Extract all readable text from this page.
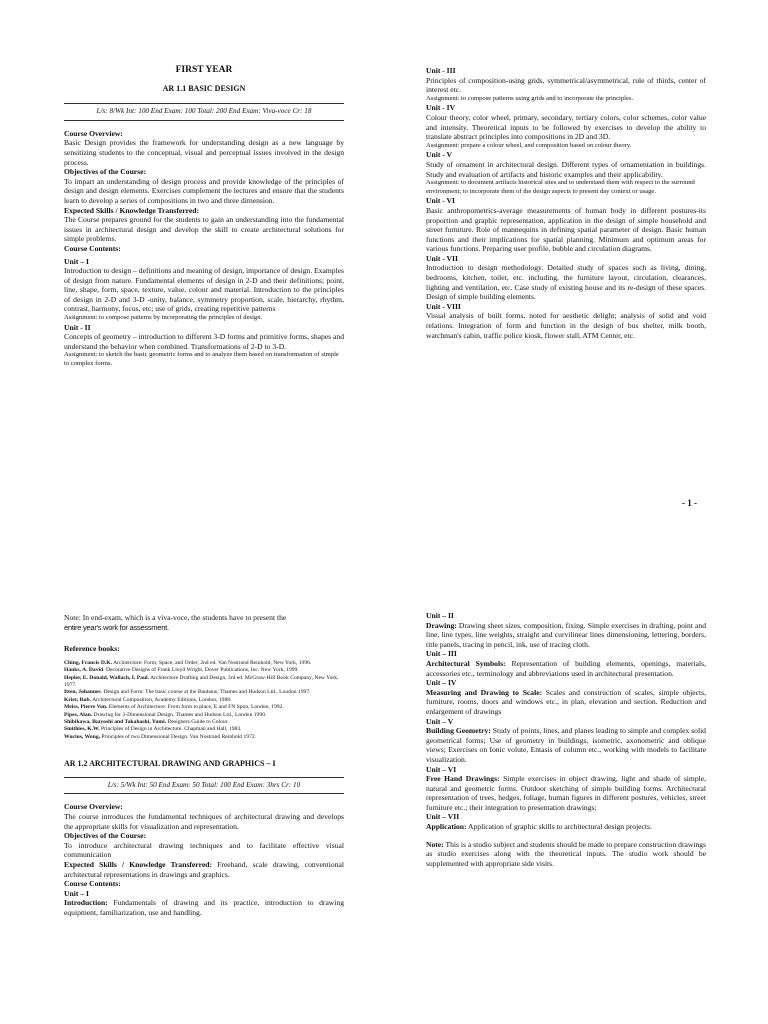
FIRST YEAR
AR 1.1 BASIC DESIGN
L/s: 8/Wk Int: 100 End Exam: 100 Total: 200 End Exam: Viva-voce Cr: 18

Course Overview:

Basic Design provides the framework for understanding design as a new language by sensitizing students to the conceptual, visual and perceptual issues involved in the design process.

Objectives of the Course:

To impart an understanding of design process and provide knowledge of the principles of design and design elements. Exercises complement the lectures and ensure that the students learn to develop a series of compositions in two and three dimension.

Expected Skills / Knowledge Transferred:

The Course prepares ground for the students to gain an understanding into the fundamental issues in architectural design and develop the skill to create architectural solutions for simple problems.

Course Contents:

Unit – I

Introduction to design – definitions and meaning of design, importance of design. Examples of design from nature. Fundamental elements of design in 2-D and their definitions; point, line, shape, form, space, texture, value, colour and material. Introduction to the principles of design in 2-D and 3-D -unity, balance, symmetry proportion, scale, hierarchy, rhythm, contrast, harmony, focus, etc; use of grids, creating repetitive patterns

Assignment: to compose patterns by incorporating the principles of design.

Unit - II

Concepts of geometry – introduction to different 3-D forms and primitive forms, shapes and understand the behavior when combined. Transformations of 2-D to 3-D.

Assignment: to sketch the basic geometric forms and to analyze them based on transformation of simple to complex forms.

Unit - III

Principles of composition-using grids, symmetrical/asymmetrical, rule of thirds, center of interest etc.

Assignment: to compose patterns using grids and to incorporate the principles.

Unit - IV

Colour theory, color wheel, primary, secondary, tertiary colors, color schemes, color value and intensity. Theoretical inputs to be followed by exercises to develop the ability to translate abstract principles into compositions in 2D and 3D.

Assignment: prepare a colour wheel, and composition based on colour theory.

Unit - V

Study of ornament in architectural design. Different types of ornamentation in buildings. Study and evaluation of artifacts and historic examples and their applicability.

Assignment: to document artifacts historical sites and to understand them with respect to the surround environment; to incorporate them of the design aspects to present day context or usage.

Unit - VI

Basic anthropometrics-average measurements of human body in different postures-its proportion and graphic representation, application in the design of simple household and street furniture. Role of mannequins in defining spatial parameter of design. Basic human functions and their implications for spatial planning. Minimum and optimum areas for various functions. Preparing user profile, bubble and circulation diagrams.

Unit - VII

Introduction to design methodology. Detailed study of spaces such as living, dining, bedrooms, kitchen, toilet, etc. including, the furniture layout, circulation, clearances, lighting and ventilation, etc. Case study of existing house and its re-design of these spaces. Design of simple building elements.

Unit - VIII

Visual analysis of built forms, noted for aesthetic delight; analysis of solid and void relations. Integration of form and function in the design of bus shelter, milk booth, watchman's cabin, traffic police kiosk, flower stall, ATM Center, etc.

- 1 -

Note: In end-exam, which is a viva-voce, the students have to present the

entire year's work for assessment.

Reference books:

Ching, Francis D.K. Architecture: Form, Space, and Order, 2nd ed. Van Nostrand Reinhold, New York, 1996.

Hanks, A. David. Decorative Designs of Frank Lloyd Wright, Dover Publications, Inc. New York, 1999.

Hepler, E. Donald, Wallach, I. Paul. Architecture Drafting and Design, 3rd ed. McGraw-Hill Book Company, New York, 1977.

Itten, Johannes. Design and Form: The basic course at the Bauhaus, Thames and Hudson Ltd., London 1997.

Krier, Rob. Architectural Composition, Academy Editions, London, 1988.

Meiss, Pierre Von. Elements of Architecture: From form to place, E and FN Spon, London, 1992.

Pipes, Alan. Drawing for 3-Dimensional Design. Thames and Hudson Ltd., London 1990.

Shibikawa, Ikuyoshi and Takahashi, Yumi. Designers Guide to Colour.

Smithies, K.W. Principles of Design in Architecture. Chapman and Hall, 1983.

Wucius, Wong, Principles of two Dimensional Design. Van Nostrand Reinhold 1972.

AR 1.2 ARCHITECTURAL DRAWING AND GRAPHICS – I
L/s: 5/Wk Int: 50 End Exam: 50 Total: 100 End Exam: 3hrs Cr: 10

Course Overview:

The course introduces the fundamental techniques of architectural drawing and develops the appropriate skills for visualization and representation.

Objectives of the Course:

To introduce architectural drawing techniques and to facilitate effective visual communication

Expected Skills / Knowledge Transferred: Freehand, scale drawing, conventional architectural representations in drawings and graphics.

Course Contents:

Unit – I

Introduction: Fundamentals of drawing and its practice, introduction to drawing equipment, familiarization, use and handling.

Unit – II

Drawing: Drawing sheet sizes, composition, fixing. Simple exercises in drafting, point and line, line types, line weights, straight and curvilinear lines dimensioning, lettering, borders, title panels, tracing in pencil, ink, use of tracing cloth.

Unit – III

Architectural Symbols: Representation of building elements, openings, materials, accessories etc., terminology and abbreviations used in architectural presentation.

Unit – IV

Measuring and Drawing to Scale: Scales and construction of scales, simple objects, furniture, rooms, doors and windows etc., in plan, elevation and section. Reduction and enlargement of drawings

Unit – V

Building Geometry: Study of points, lines, and planes leading to simple and complex solid geometrical forms; Use of geometry in buildings, isometric, axonometric and oblique views; Exercises on Ionic volute, Entasis of column etc., working with models to facilitate visualization.

Unit – VI

Free Hand Drawings: Simple exercises in object drawing, light and shade of simple, natural and geometric forms. Outdoor sketching of simple building forms. Architectural representation of trees, hedges, foliage, human figures in different postures, vehicles, street furniture etc.; their integration to presentation drawings;

Unit – VII

Application: Application of graphic skills to architectural design projects.

Note: This is a studio subject and students should be made to prepare construction drawings as studio exercises along with the theoretical inputs. The studio work should be supplemented with appropriate side visits.
